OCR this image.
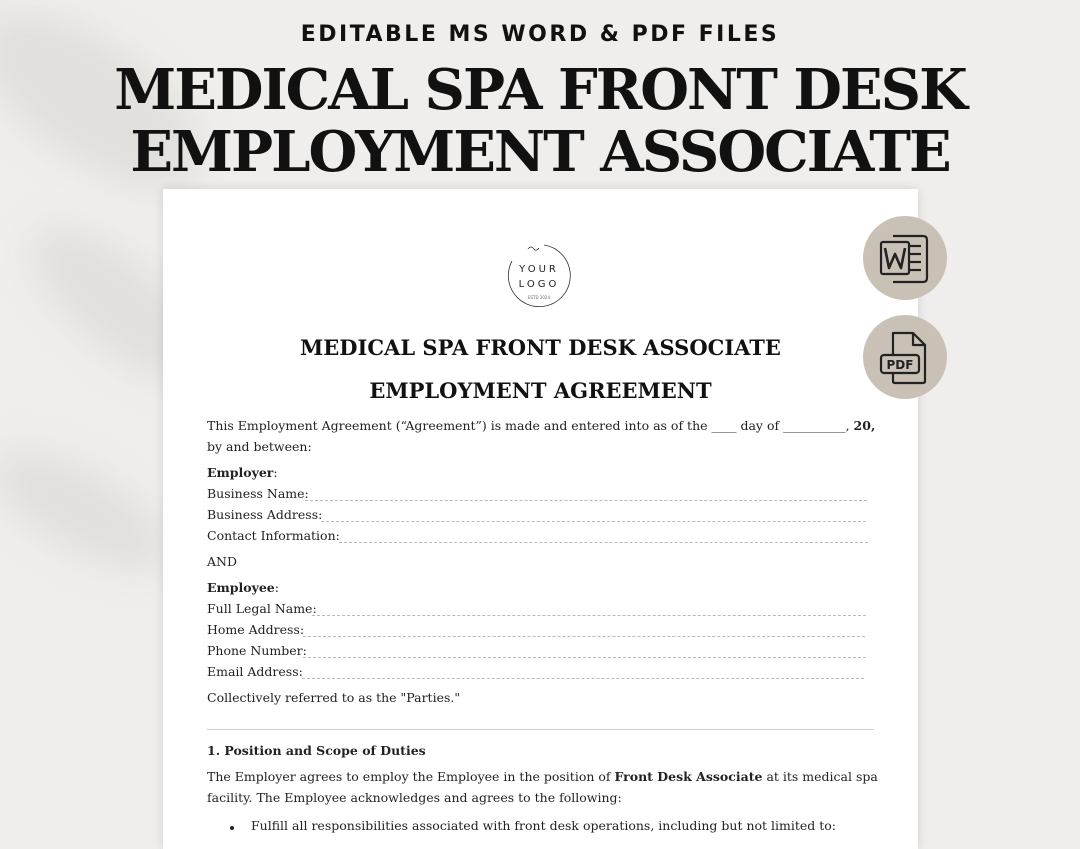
EDITABLE MS WORD & PDF FILES
MEDICAL SPA FRONT DESK
EMPLOYMENT ASSOCIATE
YOUR
LOGO
ESTD 2024
MEDICAL SPA FRONT DESK ASSOCIATE
EMPLOYMENT AGREEMENT
This Employment Agreement (“Agreement”) is made and entered into as of the ____ day of __________, 20,
by and between:
Employer:
Business Name:
Business Address:
Contact Information:
AND
Employee:
Full Legal Name:
Home Address:
Phone Number:
Email Address:
Collectively referred to as the "Parties."
1. Position and Scope of Duties
The Employer agrees to employ the Employee in the position of Front Desk Associate at its medical spa
facility. The Employee acknowledges and agrees to the following:
Fulfill all responsibilities associated with front desk operations, including but not limited to:
PDF
